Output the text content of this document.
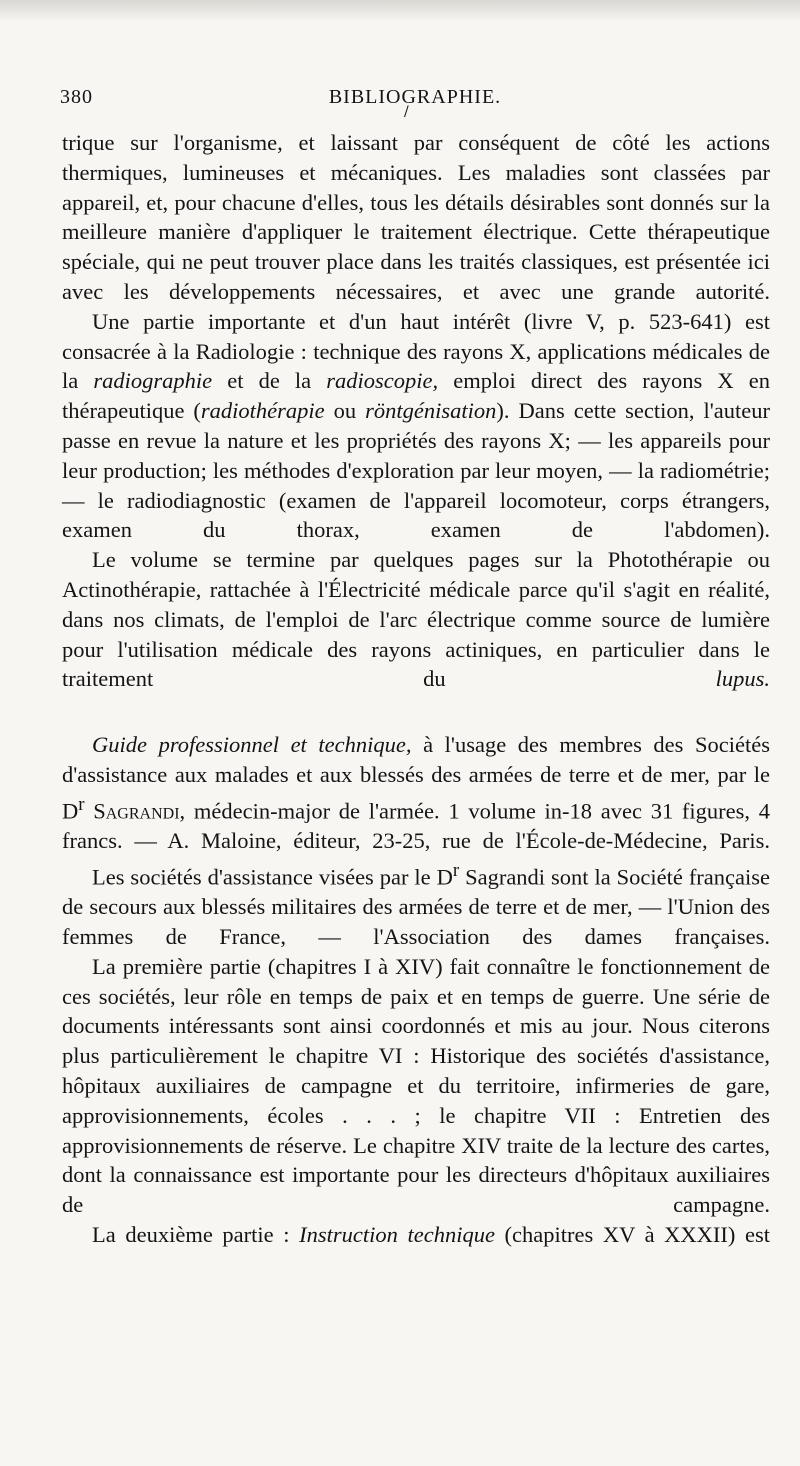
380	BIBLIOGRAPHIE.
/

trique sur l'organisme, et laissant par conséquent de côté les actions thermiques, lumineuses et mécaniques. Les maladies sont classées par appareil, et, pour chacune d'elles, tous les détails désirables sont donnés sur la meilleure manière d'appliquer le traitement électrique. Cette thérapeutique spéciale, qui ne peut trouver place dans les traités classiques, est présentée ici avec les développements nécessaires, et avec une grande autorité.

Une partie importante et d'un haut intérêt (livre V, p. 523-641) est consacrée à la Radiologie : technique des rayons X, applications médicales de la radiographie et de la radioscopie, emploi direct des rayons X en thérapeutique (radiothérapie ou röntgénisation). Dans cette section, l'auteur passe en revue la nature et les propriétés des rayons X; — les appareils pour leur production; les méthodes d'exploration par leur moyen, — la radiométrie; — le radiodiagnostic (examen de l'appareil locomoteur, corps étrangers, examen du thorax, examen de l'abdomen).

Le volume se termine par quelques pages sur la Photothérapie ou Actinothérapie, rattachée à l'Électricité médicale parce qu'il s'agit en réalité, dans nos climats, de l'emploi de l'arc électrique comme source de lumière pour l'utilisation médicale des rayons actiniques, en particulier dans le traitement du lupus.

Guide professionnel et technique, à l'usage des membres des Sociétés d'assistance aux malades et aux blessés des armées de terre et de mer, par le $D^r$ Sagrandi, médecin-major de l'armée. 1 volume in-18 avec 31 figures, 4 francs. — A. Maloine, éditeur, 23-25, rue de l'École-de-Médecine, Paris.

Les sociétés d'assistance visées par le $D^r$ Sagrandi sont la Société française de secours aux blessés militaires des armées de terre et de mer, — l'Union des femmes de France, — l'Association des dames françaises.

La première partie (chapitres I à XIV) fait connaître le fonctionnement de ces sociétés, leur rôle en temps de paix et en temps de guerre. Une série de documents intéressants sont ainsi coordonnés et mis au jour. Nous citerons plus particulièrement le chapitre VI : Historique des sociétés d'assistance, hôpitaux auxiliaires de campagne et du territoire, infirmeries de gare, approvisionnements, écoles . . . ; le chapitre VII : Entretien des approvisionnements de réserve. Le chapitre XIV traite de la lecture des cartes, dont la connaissance est importante pour les directeurs d'hôpitaux auxiliaires de campagne.

La deuxième partie : Instruction technique (chapitres XV à XXXII) est
